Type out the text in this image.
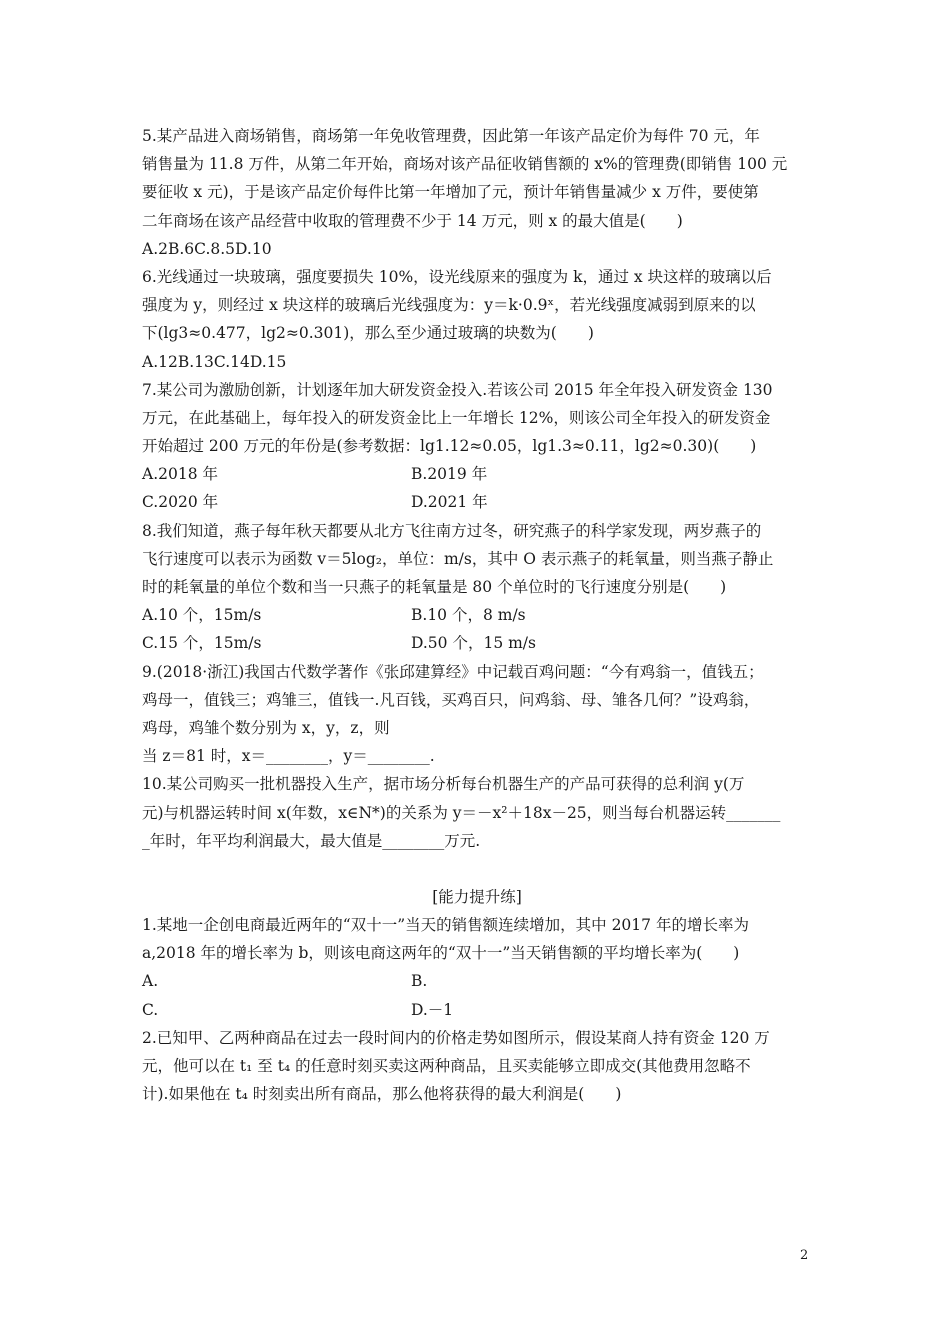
5.某产品进入商场销售，商场第一年免收管理费，因此第一年该产品定价为每件 70 元，年
销售量为 11.8 万件，从第二年开始，商场对该产品征收销售额的 x%的管理费(即销售 100 元
要征收 x 元)，于是该产品定价每件比第一年增加了元，预计年销售量减少 x 万件，要使第
二年商场在该产品经营中收取的管理费不少于 14 万元，则 x 的最大值是(　　)
A.2B.6C.8.5D.10
6.光线通过一块玻璃，强度要损失 10%，设光线原来的强度为 k，通过 x 块这样的玻璃以后
强度为 y，则经过 x 块这样的玻璃后光线强度为：y＝k·0.9ˣ，若光线强度减弱到原来的以
下(lg3≈0.477，lg2≈0.301)，那么至少通过玻璃的块数为(　　)
A.12B.13C.14D.15
7.某公司为激励创新，计划逐年加大研发资金投入.若该公司 2015 年全年投入研发资金 130
万元，在此基础上，每年投入的研发资金比上一年增长 12%，则该公司全年投入的研发资金
开始超过 200 万元的年份是(参考数据：lg1.12≈0.05，lg1.3≈0.11，lg2≈0.30)(　　)
A.2018 年	B.2019 年
C.2020 年	D.2021 年
8.我们知道，燕子每年秋天都要从北方飞往南方过冬，研究燕子的科学家发现，两岁燕子的
飞行速度可以表示为函数 v＝5log₂，单位：m/s，其中 O 表示燕子的耗氧量，则当燕子静止
时的耗氧量的单位个数和当一只燕子的耗氧量是 80 个单位时的飞行速度分别是(　　)
A.10 个，15m/s	B.10 个，8 m/s
C.15 个，15m/s	D.50 个，15 m/s
9.(2018·浙江)我国古代数学著作《张邱建算经》中记载百鸡问题：“今有鸡翁一，值钱五；
鸡母一，值钱三；鸡雏三，值钱一.凡百钱，买鸡百只，问鸡翁、母、雏各几何？”设鸡翁，
鸡母，鸡雏个数分别为 x，y，z，则
当 z＝81 时，x＝________，y＝________.
10.某公司购买一批机器投入生产，据市场分析每台机器生产的产品可获得的总利润 y(万
元)与机器运转时间 x(年数，x∈N*)的关系为 y＝－x²＋18x－25，则当每台机器运转_______
_年时，年平均利润最大，最大值是________万元.
[能力提升练]
1.某地一企创电商最近两年的“双十一”当天的销售额连续增加，其中 2017 年的增长率为
a,2018 年的增长率为 b，则该电商这两年的“双十一”当天销售额的平均增长率为(　　)
A.	B.
C.	D.－1
2.已知甲、乙两种商品在过去一段时间内的价格走势如图所示，假设某商人持有资金 120 万
元，他可以在 t₁ 至 t₄ 的任意时刻买卖这两种商品，且买卖能够立即成交(其他费用忽略不
计).如果他在 t₄ 时刻卖出所有商品，那么他将获得的最大利润是(　　)
2
